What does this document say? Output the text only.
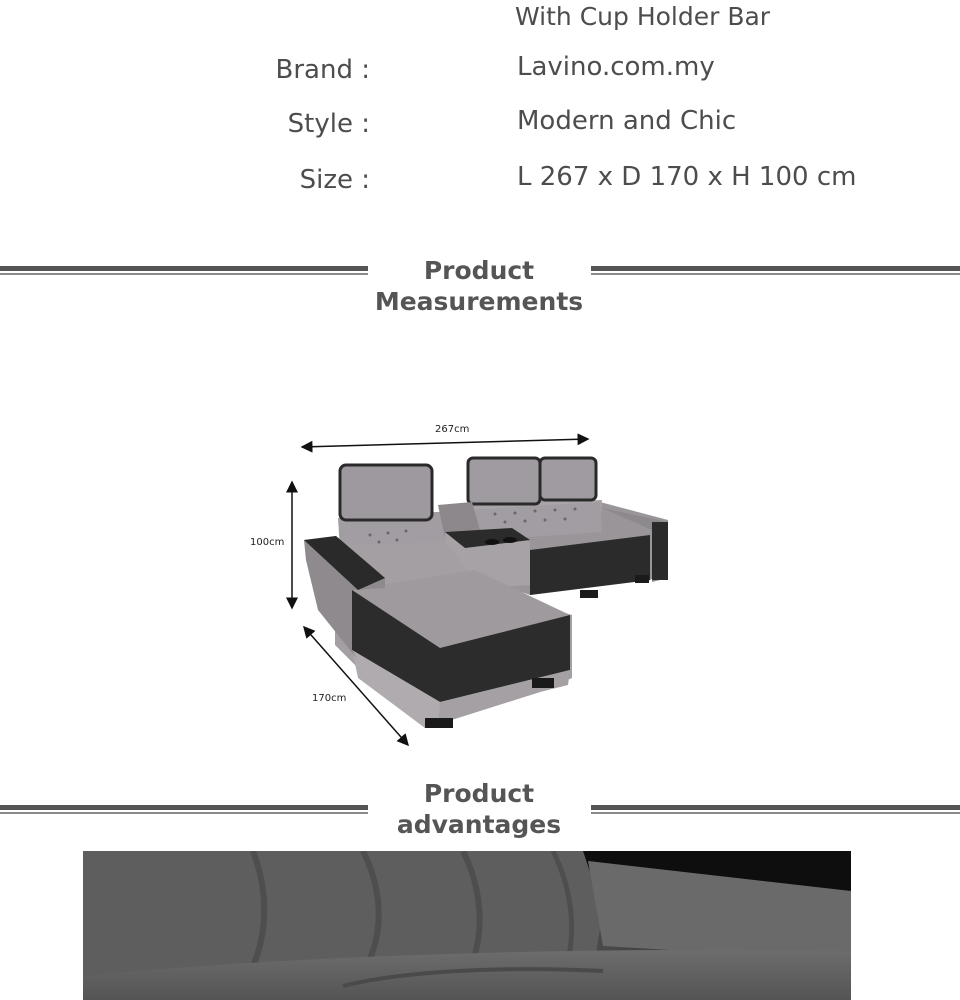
With Cup Holder Bar
Brand :	Lavino.com.my
Style :	Modern and Chic
Size :	L 267 x D 170 x H 100 cm
Product
Measurements
267cm
100cm
170cm
Product
advantages
